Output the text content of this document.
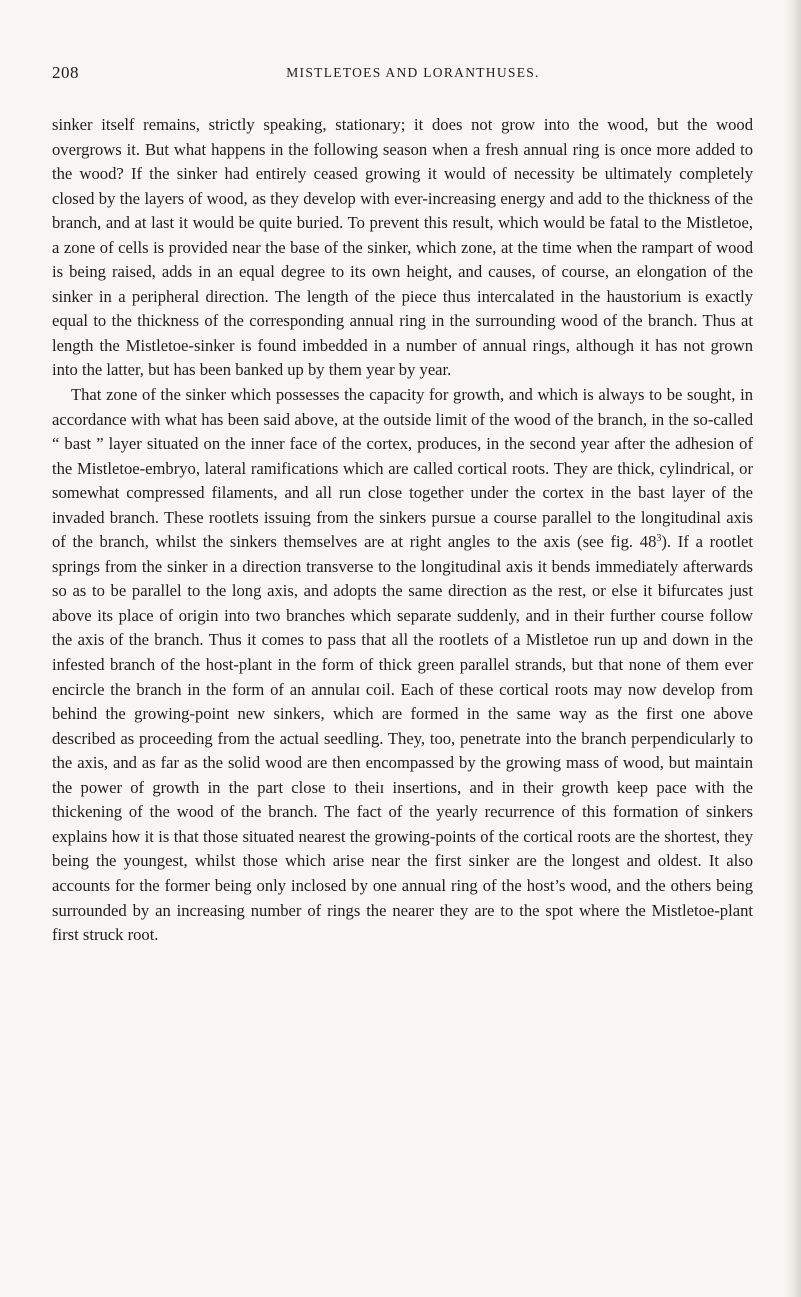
208	MISTLETOES AND LORANTHUSES.

sinker itself remains, strictly speaking, stationary; it does not grow into the wood, but the wood overgrows it. But what happens in the following season when a fresh annual ring is once more added to the wood? If the sinker had entirely ceased growing it would of necessity be ultimately completely closed by the layers of wood, as they develop with ever-increasing energy and add to the thickness of the branch, and at last it would be quite buried. To prevent this result, which would be fatal to the Mistletoe, a zone of cells is provided near the base of the sinker, which zone, at the time when the rampart of wood is being raised, adds in an equal degree to its own height, and causes, of course, an elongation of the sinker in a peripheral direction. The length of the piece thus intercalated in the haustorium is exactly equal to the thickness of the corresponding annual ring in the surrounding wood of the branch. Thus at length the Mistletoe-sinker is found imbedded in a number of annual rings, although it has not grown into the latter, but has been banked up by them year by year.

That zone of the sinker which possesses the capacity for growth, and which is always to be sought, in accordance with what has been said above, at the outside limit of the wood of the branch, in the so-called “ bast ” layer situated on the inner face of the cortex, produces, in the second year after the adhesion of the Mistletoe-embryo, lateral ramifications which are called cortical roots. They are thick, cylindrical, or somewhat compressed filaments, and all run close together under the cortex in the bast layer of the invaded branch. These rootlets issuing from the sinkers pursue a course parallel to the longitudinal axis of the branch, whilst the sinkers themselves are at right angles to the axis (see fig. $48^3$). If a rootlet springs from the sinker in a direction transverse to the longitudinal axis it bends immediately afterwards so as to be parallel to the long axis, and adopts the same direction as the rest, or else it bifurcates just above its place of origin into two branches which separate suddenly, and in their further course follow the axis of the branch. Thus it comes to pass that all the rootlets of a Mistletoe run up and down in the infested branch of the host-plant in the form of thick green parallel strands, but that none of them ever encircle the branch in the form of an annulaɪ coil. Each of these cortical roots may now develop from behind the growing-point new sinkers, which are formed in the same way as the first one above described as proceeding from the actual seedling. They, too, penetrate into the branch perpendicularly to the axis, and as far as the solid wood are then encompassed by the growing mass of wood, but maintain the power of growth in the part close to theiɪ insertions, and in their growth keep pace with the thickening of the wood of the branch. The fact of the yearly recurrence of this formation of sinkers explains how it is that those situated nearest the growing-points of the cortical roots are the shortest, they being the youngest, whilst those which arise near the first sinker are the longest and oldest. It also accounts for the former being only inclosed by one annual ring of the host’s wood, and the others being surrounded by an increasing number of rings the nearer they are to the spot where the Mistletoe-plant first struck root.
